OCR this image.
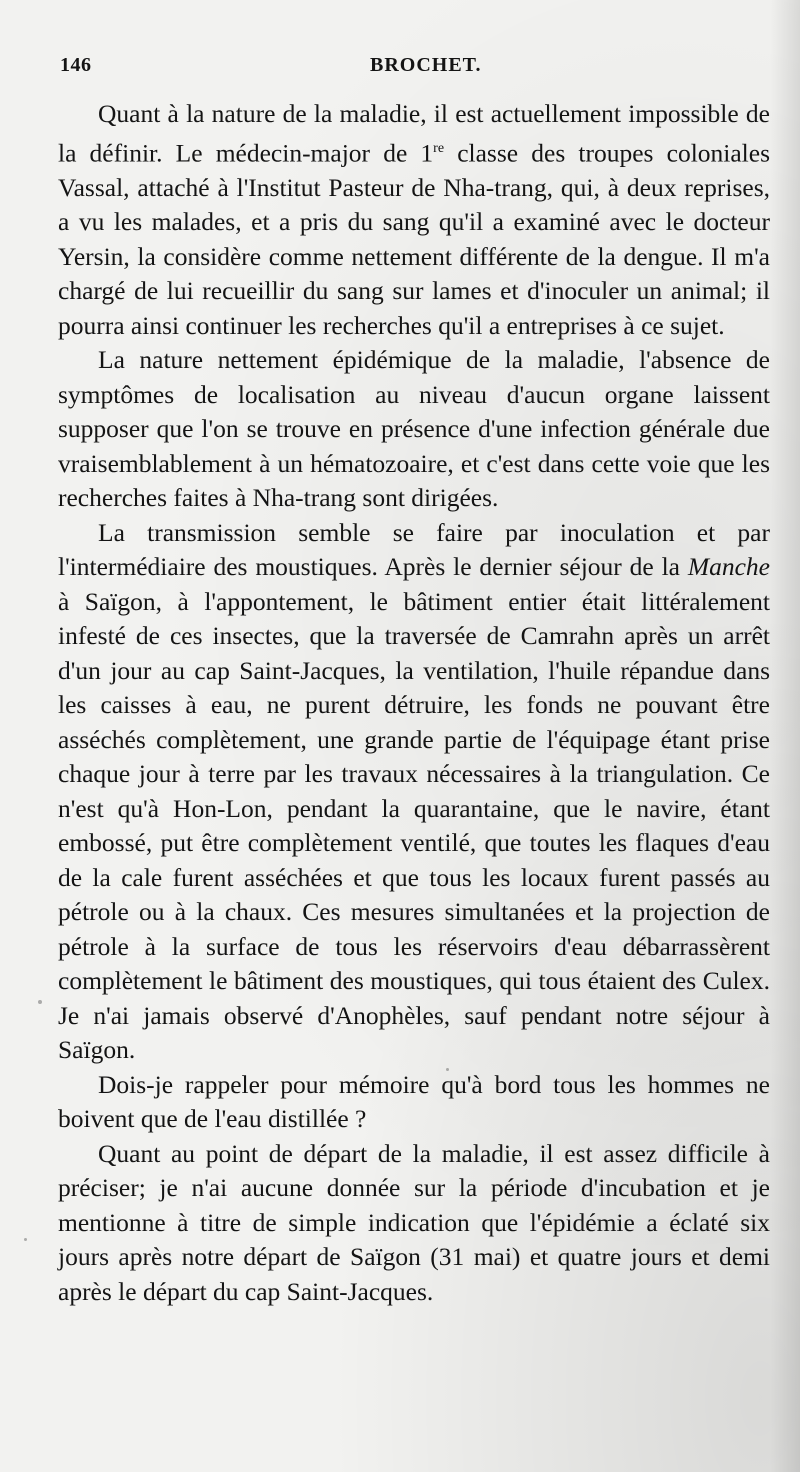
146	BROCHET.

Quant à la nature de la maladie, il est actuellement impossible de la définir. Le médecin-major de 1re classe des troupes coloniales Vassal, attaché à l'Institut Pasteur de Nha-trang, qui, à deux reprises, a vu les malades, et a pris du sang qu'il a examiné avec le docteur Yersin, la considère comme nettement différente de la dengue. Il m'a chargé de lui recueillir du sang sur lames et d'inoculer un animal; il pourra ainsi continuer les recherches qu'il a entreprises à ce sujet.

La nature nettement épidémique de la maladie, l'absence de symptômes de localisation au niveau d'aucun organe laissent supposer que l'on se trouve en présence d'une infection générale due vraisemblablement à un hématozoaire, et c'est dans cette voie que les recherches faites à Nha-trang sont dirigées.

La transmission semble se faire par inoculation et par l'intermédiaire des moustiques. Après le dernier séjour de la Manche à Saïgon, à l'appontement, le bâtiment entier était littéralement infesté de ces insectes, que la traversée de Camrahn après un arrêt d'un jour au cap Saint-Jacques, la ventilation, l'huile répandue dans les caisses à eau, ne purent détruire, les fonds ne pouvant être asséchés complètement, une grande partie de l'équipage étant prise chaque jour à terre par les travaux nécessaires à la triangulation. Ce n'est qu'à Hon-Lon, pendant la quarantaine, que le navire, étant embossé, put être complètement ventilé, que toutes les flaques d'eau de la cale furent asséchées et que tous les locaux furent passés au pétrole ou à la chaux. Ces mesures simultanées et la projection de pétrole à la surface de tous les réservoirs d'eau débarrassèrent complètement le bâtiment des moustiques, qui tous étaient des Culex. Je n'ai jamais observé d'Anophèles, sauf pendant notre séjour à Saïgon.

Dois-je rappeler pour mémoire qu'à bord tous les hommes ne boivent que de l'eau distillée ?

Quant au point de départ de la maladie, il est assez difficile à préciser; je n'ai aucune donnée sur la période d'incubation et je mentionne à titre de simple indication que l'épidémie a éclaté six jours après notre départ de Saïgon (31 mai) et quatre jours et demi après le départ du cap Saint-Jacques.
